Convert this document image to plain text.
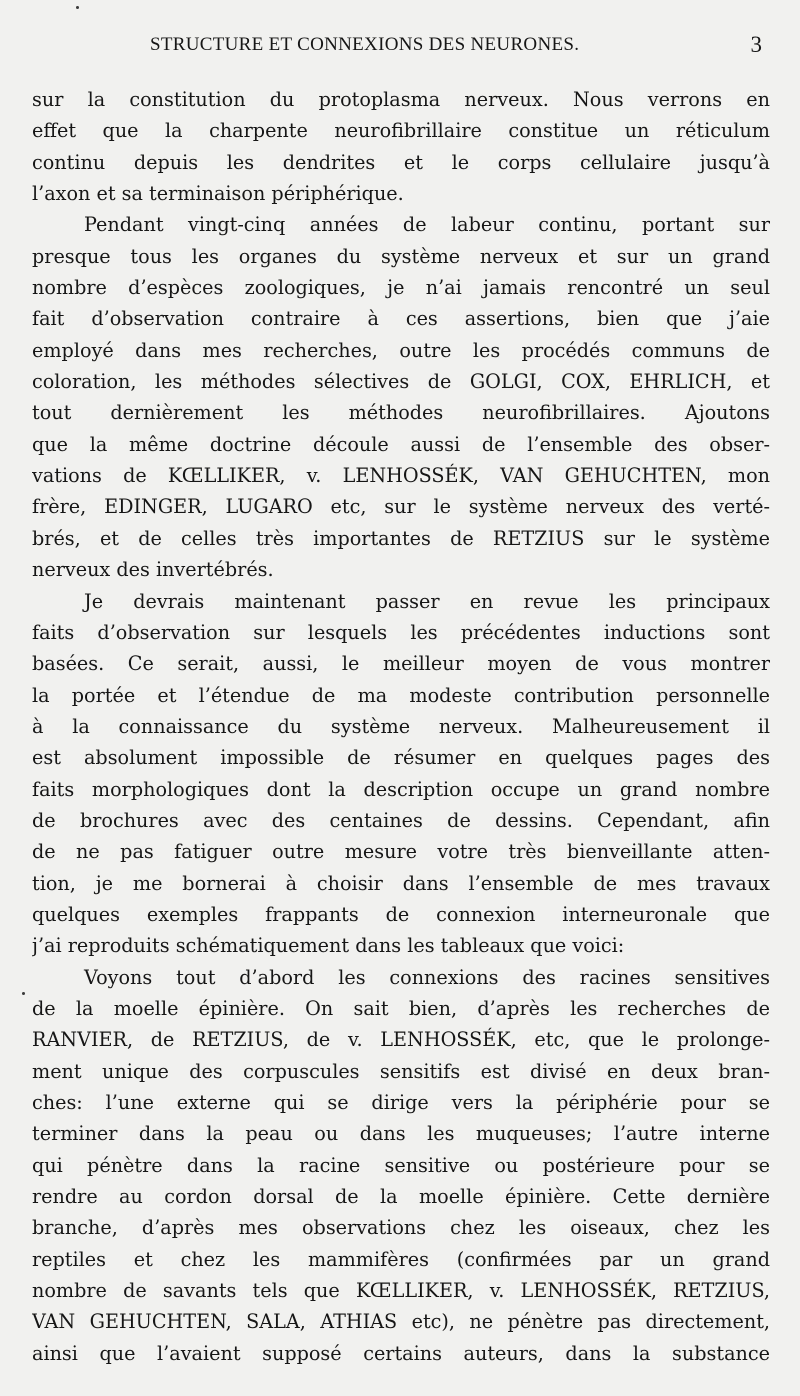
STRUCTURE ET CONNEXIONS DES NEURONES.	3
sur la constitution du protoplasma nerveux. Nous verrons en
effet que la charpente neurofibrillaire constitue un réticulum
continu depuis les dendrites et le corps cellulaire jusqu’à
l’axon et sa terminaison périphérique.
Pendant vingt-cinq années de labeur continu, portant sur
presque tous les organes du système nerveux et sur un grand
nombre d’espèces zoologiques, je n’ai jamais rencontré un seul
fait d’observation contraire à ces assertions, bien que j’aie
employé dans mes recherches, outre les procédés communs de
coloration, les méthodes sélectives de GOLGI, COX, EHRLICH, et
tout dernièrement les méthodes neurofibrillaires. Ajoutons
que la même doctrine découle aussi de l’ensemble des obser-
vations de KŒLLIKER, v. LENHOSSÉK, VAN GEHUCHTEN, mon
frère, EDINGER, LUGARO etc, sur le système nerveux des verté-
brés, et de celles très importantes de RETZIUS sur le système
nerveux des invertébrés.
Je devrais maintenant passer en revue les principaux
faits d’observation sur lesquels les précédentes inductions sont
basées. Ce serait, aussi, le meilleur moyen de vous montrer
la portée et l’étendue de ma modeste contribution personnelle
à la connaissance du système nerveux. Malheureusement il
est absolument impossible de résumer en quelques pages des
faits morphologiques dont la description occupe un grand nombre
de brochures avec des centaines de dessins. Cependant, afin
de ne pas fatiguer outre mesure votre très bienveillante atten-
tion, je me bornerai à choisir dans l’ensemble de mes travaux
quelques exemples frappants de connexion interneuronale que
j’ai reproduits schématiquement dans les tableaux que voici:
Voyons tout d’abord les connexions des racines sensitives
de la moelle épinière. On sait bien, d’après les recherches de
RANVIER, de RETZIUS, de v. LENHOSSÉK, etc, que le prolonge-
ment unique des corpuscules sensitifs est divisé en deux bran-
ches: l’une externe qui se dirige vers la périphérie pour se
terminer dans la peau ou dans les muqueuses; l’autre interne
qui pénètre dans la racine sensitive ou postérieure pour se
rendre au cordon dorsal de la moelle épinière. Cette dernière
branche, d’après mes observations chez les oiseaux, chez les
reptiles et chez les mammifères (confirmées par un grand
nombre de savants tels que KŒLLIKER, v. LENHOSSÉK, RETZIUS,
VAN GEHUCHTEN, SALA, ATHIAS etc), ne pénètre pas directement,
ainsi que l’avaient supposé certains auteurs, dans la substance
